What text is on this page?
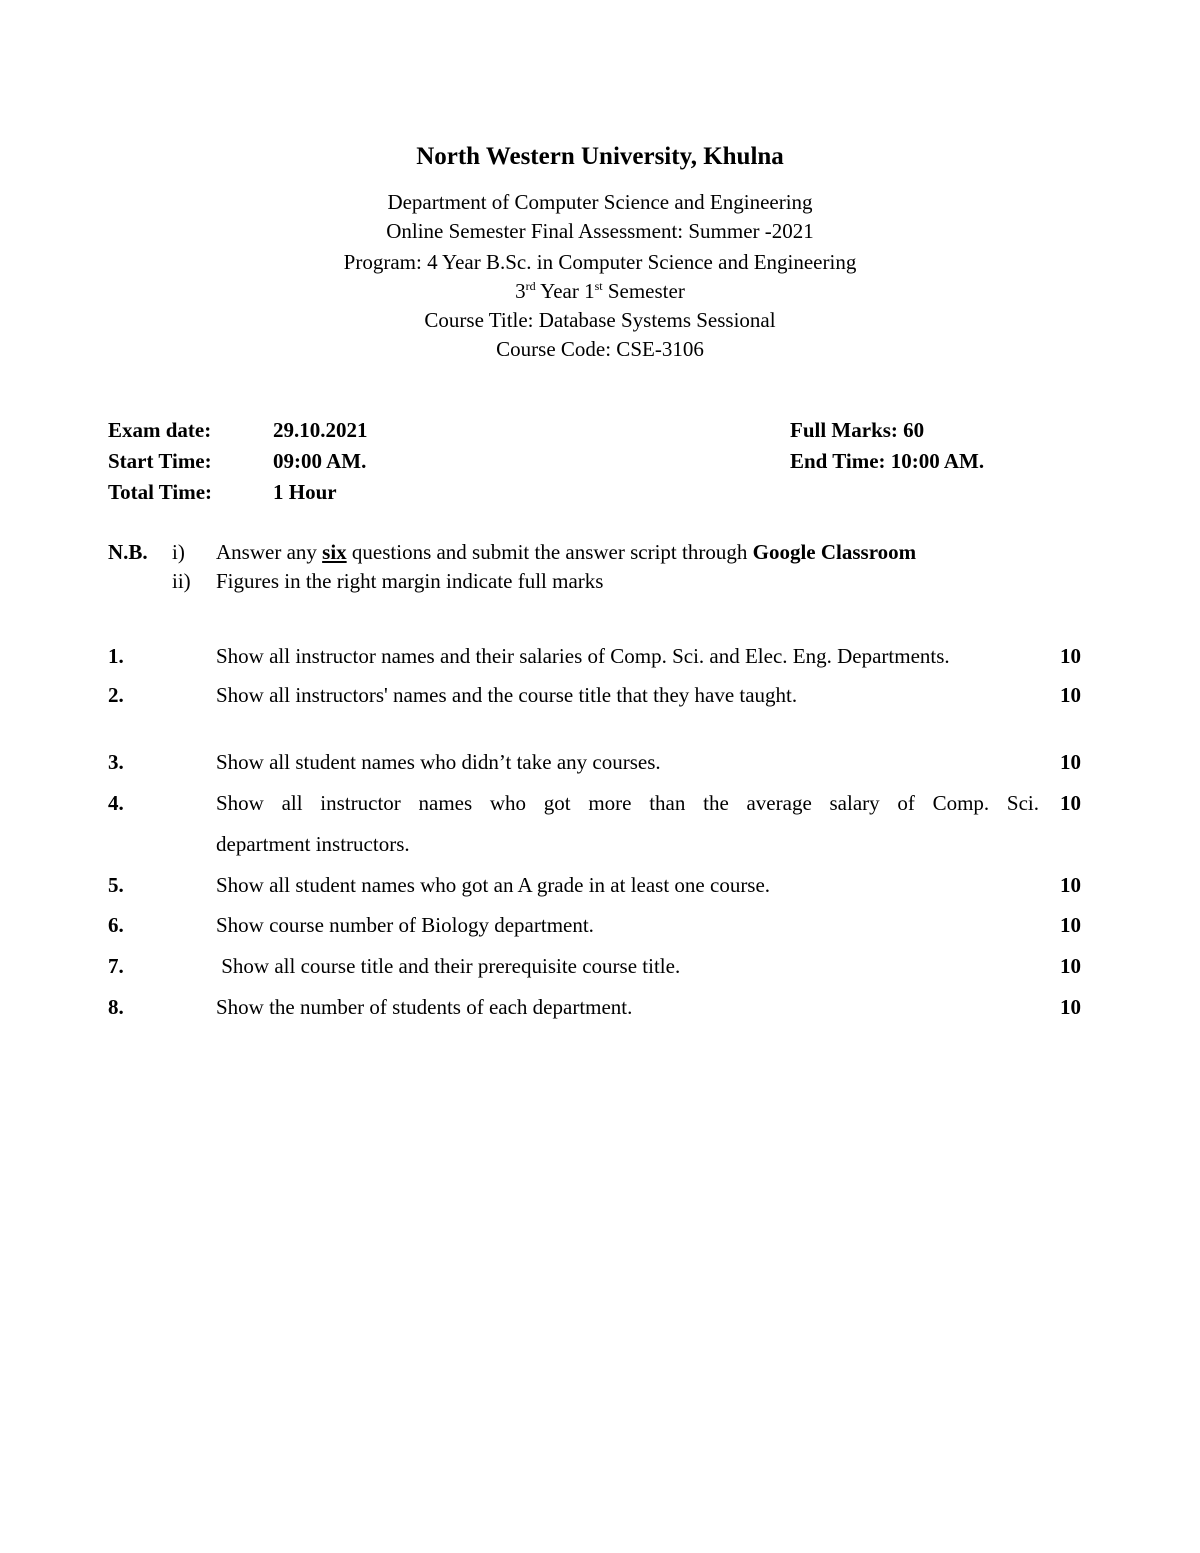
North Western University, Khulna
Department of Computer Science and Engineering
Online Semester Final Assessment: Summer -2021
Program: 4 Year B.Sc. in Computer Science and Engineering
3rd Year 1st Semester
Course Title: Database Systems Sessional
Course Code: CSE-3106
Exam date:	29.10.2021	Full Marks: 60
Start Time:	09:00 AM.	End Time: 10:00 AM.
Total Time:	1 Hour
N.B. i) Answer any six questions and submit the answer script through Google Classroom
ii) Figures in the right margin indicate full marks
1.	Show all instructor names and their salaries of Comp. Sci. and Elec. Eng. Departments.	10
2.	Show all instructors' names and the course title that they have taught.	10
3.	Show all student names who didn’t take any courses.	10
4.	Show all instructor names who got more than the average salary of Comp. Sci. 10
department instructors.
5.	Show all student names who got an A grade in at least one course.	10
6.	Show course number of Biology department.	10
7.	Show all course title and their prerequisite course title.	10
8.	Show the number of students of each department.	10
